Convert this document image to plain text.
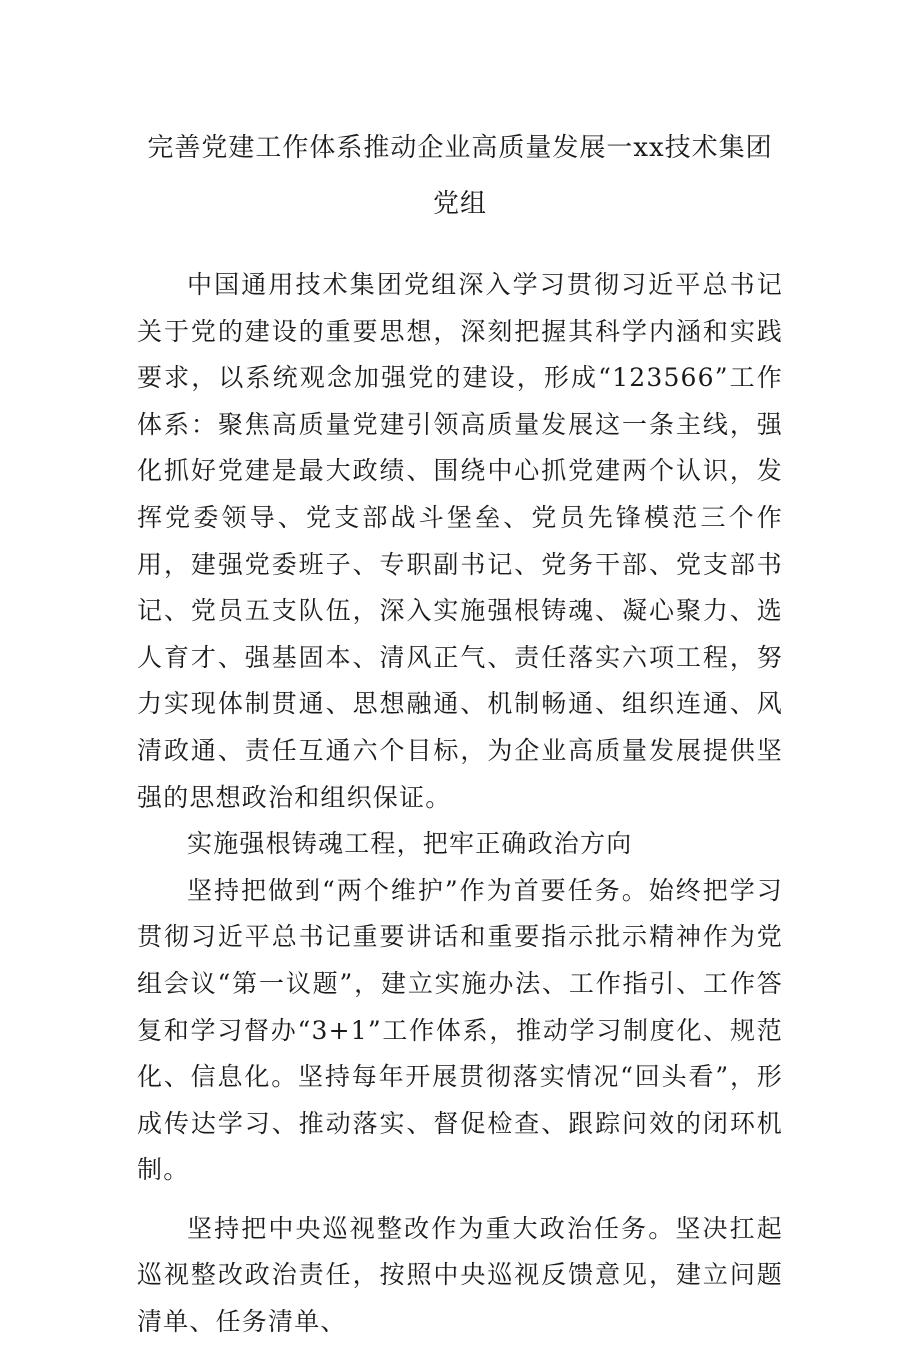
完善党建工作体系推动企业高质量发展一xx技术集团党组

中国通用技术集团党组深入学习贯彻习近平总书记关于党的建设的重要思想，深刻把握其科学内涵和实践要求，以系统观念加强党的建设，形成“123566”工作体系：聚焦高质量党建引领高质量发展这一条主线，强化抓好党建是最大政绩、围绕中心抓党建两个认识，发挥党委领导、党支部战斗堡垒、党员先锋模范三个作用，建强党委班子、专职副书记、党务干部、党支部书记、党员五支队伍，深入实施强根铸魂、凝心聚力、选人育才、强基固本、清风正气、责任落实六项工程，努力实现体制贯通、思想融通、机制畅通、组织连通、风清政通、责任互通六个目标，为企业高质量发展提供坚强的思想政治和组织保证。

实施强根铸魂工程，把牢正确政治方向

坚持把做到“两个维护”作为首要任务。始终把学习贯彻习近平总书记重要讲话和重要指示批示精神作为党组会议“第一议题”，建立实施办法、工作指引、工作答复和学习督办“3+1”工作体系，推动学习制度化、规范化、信息化。坚持每年开展贯彻落实情况“回头看”，形成传达学习、推动落实、督促检查、跟踪问效的闭环机制。

坚持把中央巡视整改作为重大政治任务。坚决扛起巡视整改政治责任，按照中央巡视反馈意见，建立问题清单、任务清单、
